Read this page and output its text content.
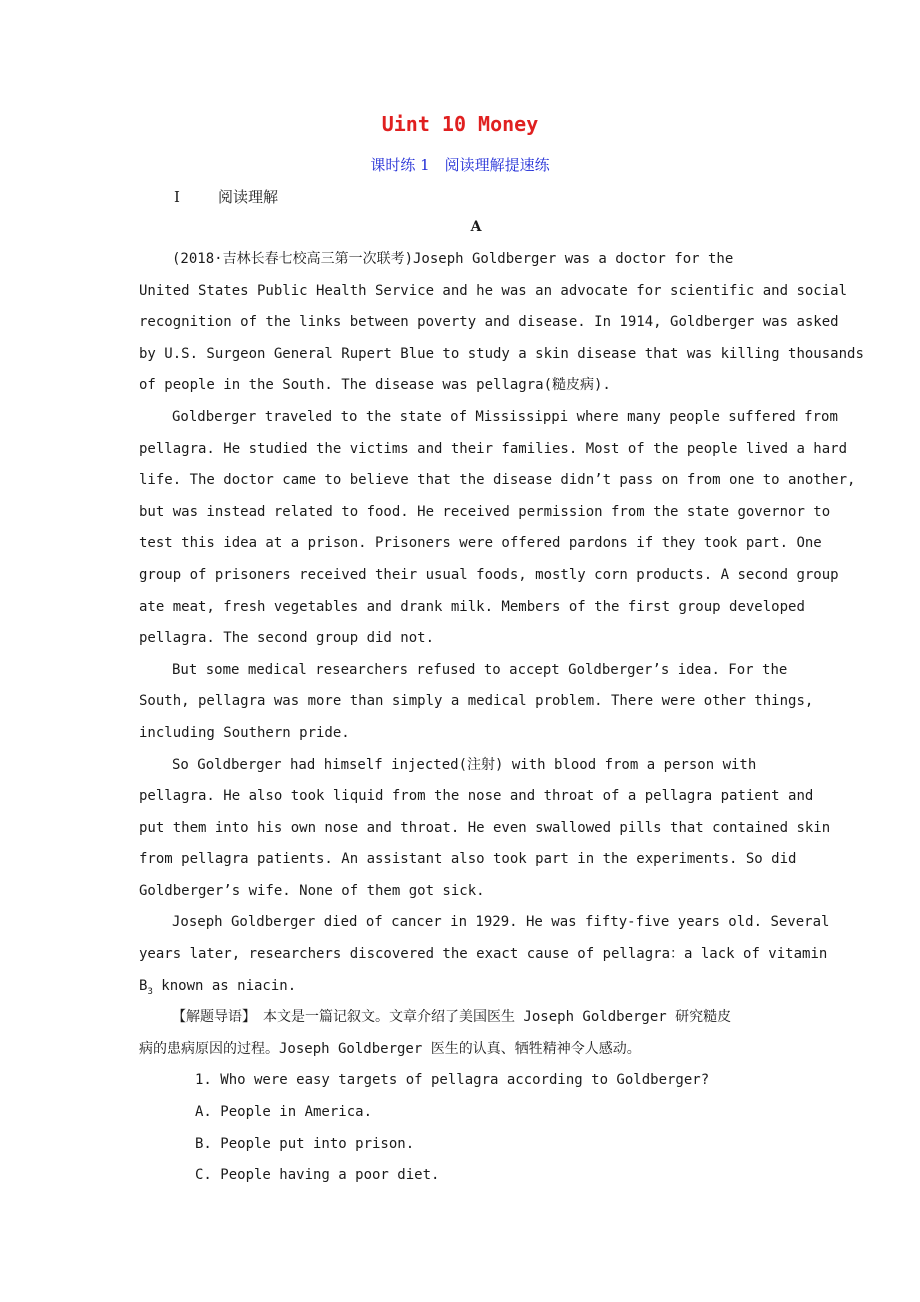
Uint 10 Money
课时练 1　阅读理解提速练
Ⅰ	阅读理解
A
(2018·吉林长春七校高三第一次联考)Joseph Goldberger was a doctor for the
United States Public Health Service and he was an advocate for scientific and social
recognition of the links between poverty and disease. In 1914, Goldberger was asked
by U.S. Surgeon General Rupert Blue to study a skin disease that was killing thousands
of people in the South. The disease was pellagra(糙皮病).
Goldberger traveled to the state of Mississippi where many people suffered from
pellagra. He studied the victims and their families. Most of the people lived a hard
life. The doctor came to believe that the disease didn’t pass on from one to another,
but was instead related to food. He received permission from the state governor to
test this idea at a prison. Prisoners were offered pardons if they took part. One
group of prisoners received their usual foods, mostly corn products. A second group
ate meat, fresh vegetables and drank milk. Members of the first group developed
pellagra. The second group did not.
But some medical researchers refused to accept Goldberger’s idea. For the
South, pellagra was more than simply a medical problem. There were other things,
including Southern pride.
So Goldberger had himself injected(注射) with blood from a person with
pellagra. He also took liquid from the nose and throat of a pellagra patient and
put them into his own nose and throat. He even swallowed pills that contained skin
from pellagra patients. An assistant also took part in the experiments. So did
Goldberger’s wife. None of them got sick.
Joseph Goldberger died of cancer in 1929. He was fifty-five years old. Several
years later, researchers discovered the exact cause of pellagra：a lack of vitamin
$B_3$ known as niacin.
【解题导语】　本文是一篇记叙文。文章介绍了美国医生 Joseph Goldberger 研究糙皮
病的患病原因的过程。Joseph Goldberger 医生的认真、牺牲精神令人感动。
1. Who were easy targets of pellagra according to Goldberger?
A. People in America.
B. People put into prison.
C. People having a poor diet.
